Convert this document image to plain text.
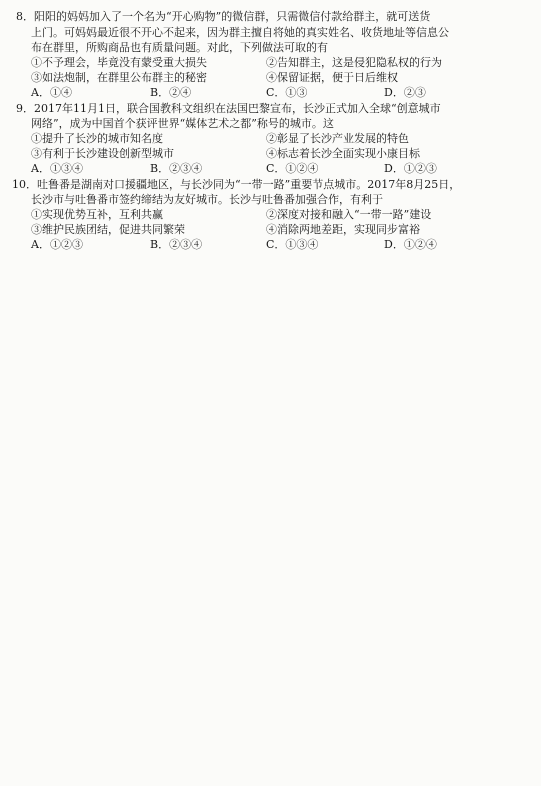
8．阳阳的妈妈加入了一个名为“开心购物”的微信群，只需微信付款给群主，就可送货
上门。可妈妈最近很不开心不起来，因为群主擅自将她的真实姓名、收货地址等信息公
布在群里，所购商品也有质量问题。对此，下列做法可取的有
①不予理会，毕竟没有蒙受重大损失	②告知群主，这是侵犯隐私权的行为
③如法炮制，在群里公布群主的秘密	④保留证据，便于日后维权
A．①④	B．②④	C．①③	D．②③
9．2017年11月1日，联合国教科文组织在法国巴黎宣布，长沙正式加入全球“创意城市
网络”，成为中国首个获评世界“媒体艺术之都”称号的城市。这
①提升了长沙的城市知名度	②彰显了长沙产业发展的特色
③有利于长沙建设创新型城市	④标志着长沙全面实现小康目标
A．①③④	B．②③④	C．①②④	D．①②③
10．吐鲁番是湖南对口援疆地区，与长沙同为“一带一路”重要节点城市。2017年8月25日，
长沙市与吐鲁番市签约缔结为友好城市。长沙与吐鲁番加强合作，有利于
①实现优势互补，互利共赢	②深度对接和融入“一带一路”建设
③维护民族团结，促进共同繁荣	④消除两地差距，实现同步富裕
A．①②③	B．②③④	C．①③④	D．①②④
